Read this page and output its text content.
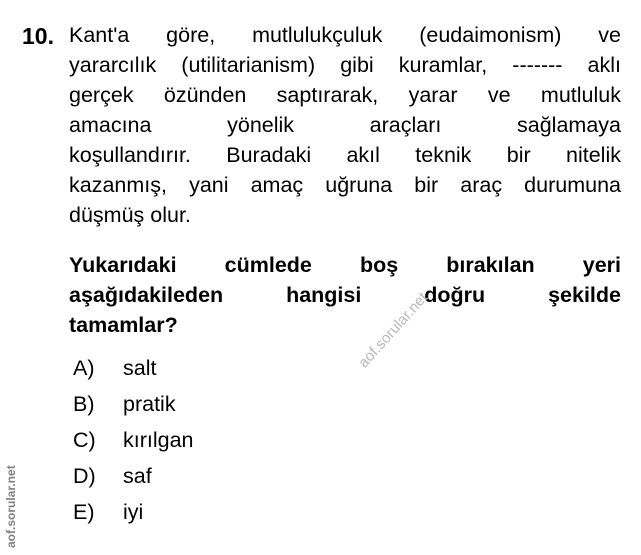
10. Kant'a göre, mutlulukçuluk (eudaimonism) ve
yararcılık (utilitarianism) gibi kuramlar, ------- aklı
gerçek özünden saptırarak, yarar ve mutluluk
amacına yönelik araçları sağlamaya
koşullandırır. Buradaki akıl teknik bir nitelik
kazanmış, yani amaç uğruna bir araç durumuna
düşmüş olur.
Yukarıdaki cümlede boş bırakılan yeri
aşağıdakileden hangisi doğru şekilde
tamamlar?
A)	salt
B)	pratik
C)	kırılgan
D)	saf
E)	iyi
aof.sorular.net
aof.sorular.net
